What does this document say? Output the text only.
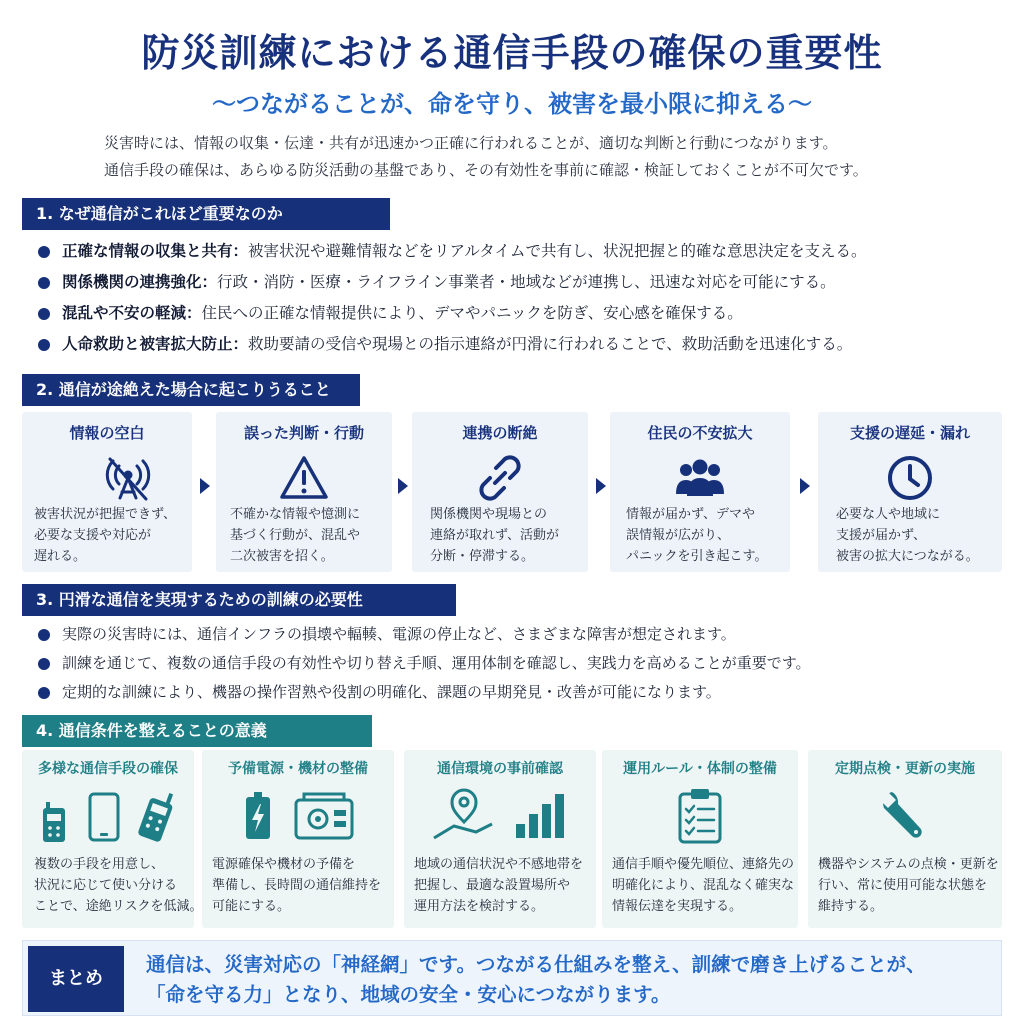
防災訓練における通信手段の確保の重要性
〜つながることが、命を守り、被害を最小限に抑える〜
災害時には、情報の収集・伝達・共有が迅速かつ正確に行われることが、適切な判断と行動につながります。
通信手段の確保は、あらゆる防災活動の基盤であり、その有効性を事前に確認・検証しておくことが不可欠です。
1. なぜ通信がこれほど重要なのか
正確な情報の収集と共有：被害状況や避難情報などをリアルタイムで共有し、状況把握と的確な意思決定を支える。
関係機関の連携強化：行政・消防・医療・ライフライン事業者・地域などが連携し、迅速な対応を可能にする。
混乱や不安の軽減：住民への正確な情報提供により、デマやパニックを防ぎ、安心感を確保する。
人命救助と被害拡大防止：救助要請の受信や現場との指示連絡が円滑に行われることで、救助活動を迅速化する。
2. 通信が途絶えた場合に起こりうること
情報の空白
被害状況が把握できず、
必要な支援や対応が
遅れる。
誤った判断・行動
不確かな情報や憶測に
基づく行動が、混乱や
二次被害を招く。
連携の断絶
関係機関や現場との
連絡が取れず、活動が
分断・停滞する。
住民の不安拡大
情報が届かず、デマや
誤情報が広がり、
パニックを引き起こす。
支援の遅延・漏れ
必要な人や地域に
支援が届かず、
被害の拡大につながる。
3. 円滑な通信を実現するための訓練の必要性
実際の災害時には、通信インフラの損壊や輻輳、電源の停止など、さまざまな障害が想定されます。
訓練を通じて、複数の通信手段の有効性や切り替え手順、運用体制を確認し、実践力を高めることが重要です。
定期的な訓練により、機器の操作習熟や役割の明確化、課題の早期発見・改善が可能になります。
4. 通信条件を整えることの意義
多様な通信手段の確保
複数の手段を用意し、
状況に応じて使い分ける
ことで、途絶リスクを低減。
予備電源・機材の整備
電源確保や機材の予備を
準備し、長時間の通信維持を
可能にする。
通信環境の事前確認
地域の通信状況や不感地帯を
把握し、最適な設置場所や
運用方法を検討する。
運用ルール・体制の整備
通信手順や優先順位、連絡先の
明確化により、混乱なく確実な
情報伝達を実現する。
定期点検・更新の実施
機器やシステムの点検・更新を
行い、常に使用可能な状態を
維持する。
まとめ
通信は、災害対応の「神経網」です。つながる仕組みを整え、訓練で磨き上げることが、
「命を守る力」となり、地域の安全・安心につながります。
